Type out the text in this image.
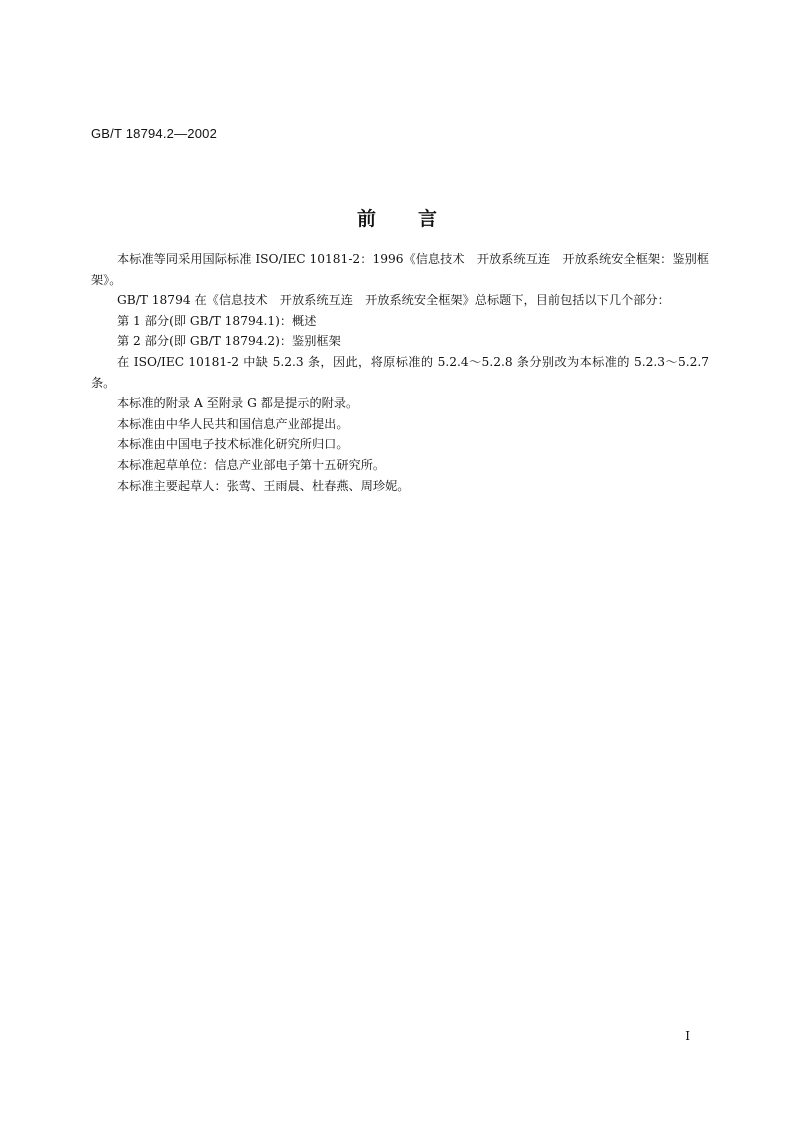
GB/T 18794.2—2002
前言

本标准等同采用国际标准 ISO/IEC 10181-2：1996《信息技术　开放系统互连　开放系统安全框架：鉴别框架》。

GB/T 18794 在《信息技术　开放系统互连　开放系统安全框架》总标题下，目前包括以下几个部分：

第 1 部分(即 GB/T 18794.1)：概述

第 2 部分(即 GB/T 18794.2)：鉴别框架

在 ISO/IEC 10181-2 中缺 5.2.3 条，因此，将原标准的 5.2.4～5.2.8 条分别改为本标准的 5.2.3～5.2.7 条。

本标准的附录 A 至附录 G 都是提示的附录。

本标准由中华人民共和国信息产业部提出。

本标准由中国电子技术标准化研究所归口。

本标准起草单位：信息产业部电子第十五研究所。

本标准主要起草人：张莺、王雨晨、杜春燕、周珍妮。

I
